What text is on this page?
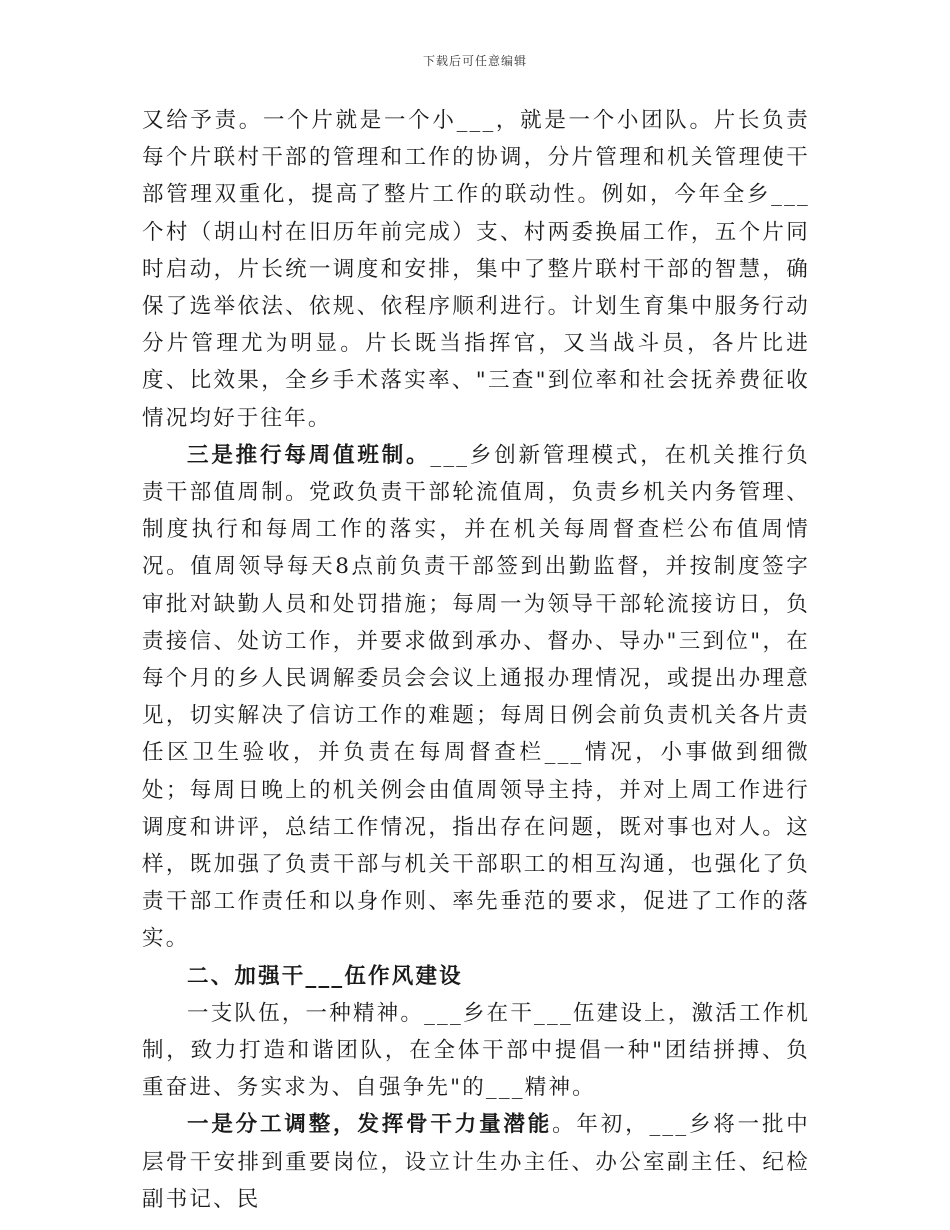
下载后可任意编辑

又给予责。一个片就是一个小___，就是一个小团队。片长负责每个片联村干部的管理和工作的协调，分片管理和机关管理使干部管理双重化，提高了整片工作的联动性。例如，今年全乡___个村（胡山村在旧历年前完成）支、村两委换届工作，五个片同时启动，片长统一调度和安排，集中了整片联村干部的智慧，确保了选举依法、依规、依程序顺利进行。计划生育集中服务行动分片管理尤为明显。片长既当指挥官，又当战斗员，各片比进度、比效果，全乡手术落实率、"三查"到位率和社会抚养费征收情况均好于往年。

三是推行每周值班制。___乡创新管理模式，在机关推行负责干部值周制。党政负责干部轮流值周，负责乡机关内务管理、制度执行和每周工作的落实，并在机关每周督查栏公布值周情况。值周领导每天8点前负责干部签到出勤监督，并按制度签字审批对缺勤人员和处罚措施；每周一为领导干部轮流接访日，负责接信、处访工作，并要求做到承办、督办、导办"三到位"，在每个月的乡人民调解委员会会议上通报办理情况，或提出办理意见，切实解决了信访工作的难题；每周日例会前负责机关各片责任区卫生验收，并负责在每周督查栏___情况，小事做到细微处；每周日晚上的机关例会由值周领导主持，并对上周工作进行调度和讲评，总结工作情况，指出存在问题，既对事也对人。这样，既加强了负责干部与机关干部职工的相互沟通，也强化了负责干部工作责任和以身作则、率先垂范的要求，促进了工作的落实。

二、加强干___伍作风建设

一支队伍，一种精神。___乡在干___伍建设上，激活工作机制，致力打造和谐团队，在全体干部中提倡一种"团结拼搏、负重奋进、务实求为、自强争先"的___精神。

一是分工调整，发挥骨干力量潜能。年初，___乡将一批中层骨干安排到重要岗位，设立计生办主任、办公室副主任、纪检副书记、民
